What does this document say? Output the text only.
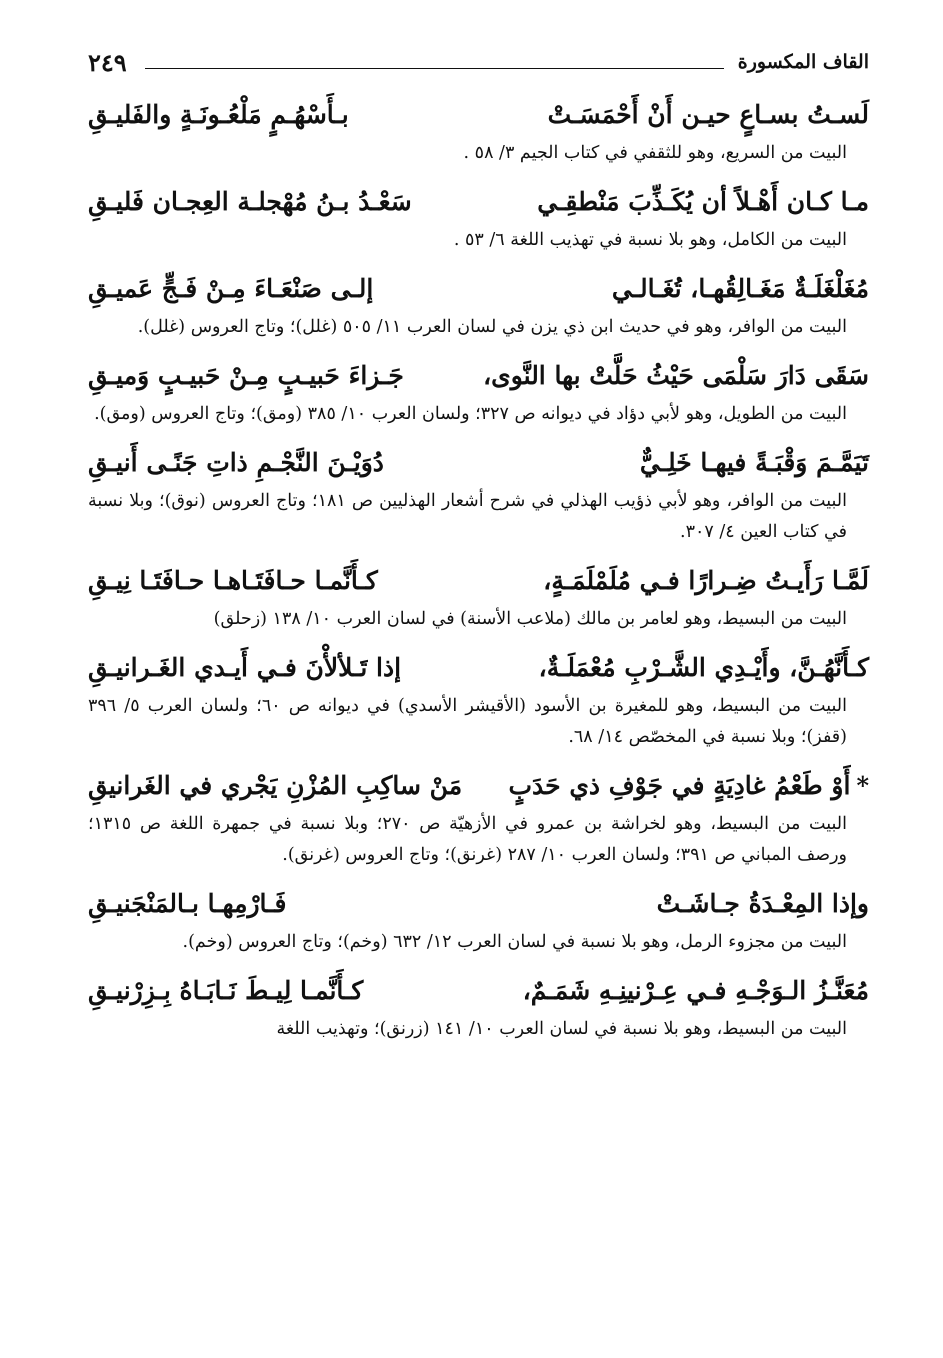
القاف المكسورة
٢٤٩
لَسـتُ بسـاعٍ حيـن أَنْ أَحْمَسَـتْ
بـأَسْهُـمٍ مَلْعُـونَـةٍ والفَليـقِ
البيت من السريع، وهو للثقفي في كتاب الجيم ٣/ ٥٨ .
مـا كـان أَهْـلاً أن يُكَـذِّبَ مَنْطقِـي
سَعْـدُ بـنُ مُهْجلـة العِجـان فَليـقِ
البيت من الكامل، وهو بلا نسبة في تهذيب اللغة ٦/ ٥٣ .
مُغَلْغَلَـةٌ مَغَـالِقُهـا، تُغَـالـي
إلـى صَنْعَـاءَ مِـنْ فَـجٍّ عَميـقِ
البيت من الوافر، وهو في حديث ابن ذي يزن في لسان العرب ١١/ ٥٠٥ (غلل)؛ وتاج العروس (غلل).
سَقَى دَارَ سَلْمَى حَيْثُ حَلَّتْ بها النَّوى،
جَـزاءَ حَبيـبٍ مِـنْ حَبيـبٍ وَميـقِ
البيت من الطويل، وهو لأبي دؤاد في ديوانه ص ٣٢٧؛ ولسان العرب ١٠/ ٣٨٥ (ومق)؛ وتاج العروس (ومق).
تَيَمَّـمَ وَقْبَـةً فيهـا خَلِـيٌّ
دُوَيْـنَ النَّجْـمِ ذاتِ جَنًـى أَنيـقِ
البيت من الوافر، وهو لأبي ذؤيب الهذلي في شرح أشعار الهذليين ص ١٨١؛ وتاج العروس (نوق)؛ وبلا نسبة في كتاب العين ٤/ ٣٠٧.
لَمَّـا رَأَيـتُ ضِـرارًا فـي مُلَمْلَمَـةٍ،
كـأَنَّمـا حـافَتَـاهـا حـافَتَـا نِيـقِ
البيت من البسيط، وهو لعامر بن مالك (ملاعب الأسنة) في لسان العرب ١٠/ ١٣٨ (زحلق)
كـأَنَّهُـنَّ، وأَيْـدِي الشَّـرْبِ مُعْمَلَـةٌ،
إذا تَـلألأْنَ فـي أَيـدي الغَـرانيـقِ
البيت من البسيط، وهو للمغيرة بن الأسود (الأقيشر الأسدي) في ديوانه ص ٦٠؛ ولسان العرب ٥/ ٣٩٦ (قفز)؛ وبلا نسبة في المخصّص ١٤/ ٦٨.
*أَوْ طَعْمُ غادِيَةٍ في جَوْفِ ذي حَدَبٍ
مَنْ ساكِبِ المُزْنِ يَجْري في الغَرانيقِ
البيت من البسيط، وهو لخراشة بن عمرو في الأزهيّة ص ٢٧٠؛ وبلا نسبة في جمهرة اللغة ص ١٣١٥؛ ورصف المباني ص ٣٩١؛ ولسان العرب ١٠/ ٢٨٧ (غرنق)؛ وتاج العروس (غرنق).
وإذا المِعْـدَةُ جـاشَـتْ
فَـارْمِهـا بـالمَنْجَنيـقِ
البيت من مجزوء الرمل، وهو بلا نسبة في لسان العرب ١٢/ ٦٣٢ (وخم)؛ وتاج العروس (وخم).
مُعَنَّـزُ الـوَجْـهِ فـي عِـرْنينِـهِ شَمَـمٌ،
كـأَنَّمـا لِيـطَ نَـابَـاهُ بِـزِرْنيـقِ
البيت من البسيط، وهو بلا نسبة في لسان العرب ١٠/ ١٤١ (زرنق)؛ وتهذيب اللغة
